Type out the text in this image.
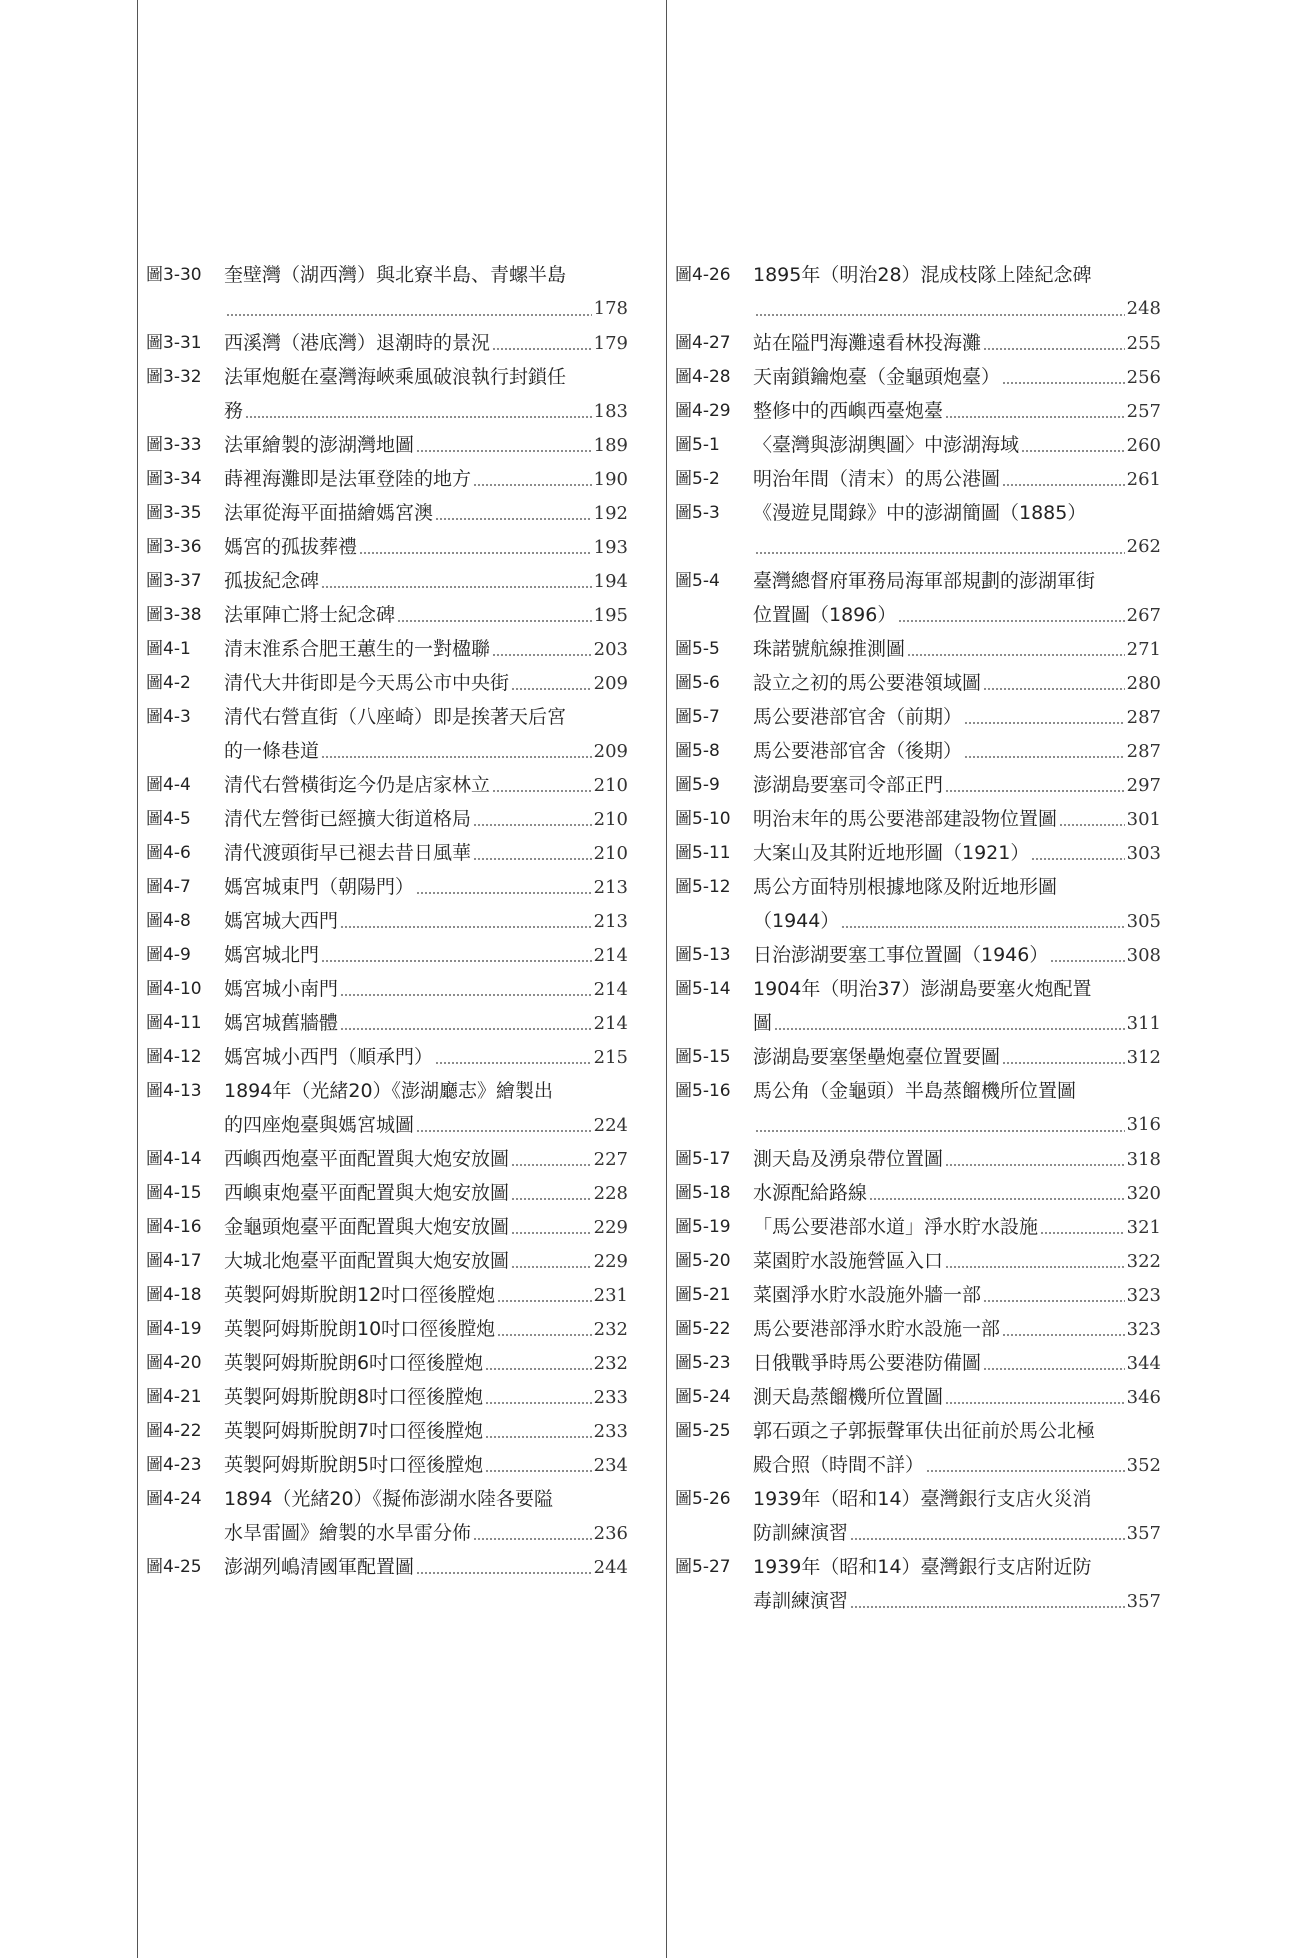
圖3-30	奎壁灣（湖西灣）與北寮半島、青螺半島
178
圖3-31	西溪灣（港底灣）退潮時的景況	179
圖3-32	法軍炮艇在臺灣海峽乘風破浪執行封鎖任
務	183
圖3-33	法軍繪製的澎湖灣地圖	189
圖3-34	蒔裡海灘即是法軍登陸的地方	190
圖3-35	法軍從海平面描繪媽宮澳	192
圖3-36	媽宮的孤拔葬禮	193
圖3-37	孤拔紀念碑	194
圖3-38	法軍陣亡將士紀念碑	195
圖4-1	清末淮系合肥王蕙生的一對楹聯	203
圖4-2	清代大井街即是今天馬公市中央街	209
圖4-3	清代右營直街（八座崎）即是挨著天后宮
的一條巷道	209
圖4-4	清代右營橫街迄今仍是店家林立	210
圖4-5	清代左營街已經擴大街道格局	210
圖4-6	清代渡頭街早已褪去昔日風華	210
圖4-7	媽宮城東門（朝陽門）	213
圖4-8	媽宮城大西門	213
圖4-9	媽宮城北門	214
圖4-10	媽宮城小南門	214
圖4-11	媽宮城舊牆體	214
圖4-12	媽宮城小西門（順承門）	215
圖4-13	1894年（光緒20）《澎湖廳志》繪製出
的四座炮臺與媽宮城圖	224
圖4-14	西嶼西炮臺平面配置與大炮安放圖	227
圖4-15	西嶼東炮臺平面配置與大炮安放圖	228
圖4-16	金龜頭炮臺平面配置與大炮安放圖	229
圖4-17	大城北炮臺平面配置與大炮安放圖	229
圖4-18	英製阿姆斯脫朗12吋口徑後膛炮	231
圖4-19	英製阿姆斯脫朗10吋口徑後膛炮	232
圖4-20	英製阿姆斯脫朗6吋口徑後膛炮	232
圖4-21	英製阿姆斯脫朗8吋口徑後膛炮	233
圖4-22	英製阿姆斯脫朗7吋口徑後膛炮	233
圖4-23	英製阿姆斯脫朗5吋口徑後膛炮	234
圖4-24	1894（光緒20）《擬佈澎湖水陸各要隘
水旱雷圖》繪製的水旱雷分佈	236
圖4-25	澎湖列嶋清國軍配置圖	244
圖4-26	1895年（明治28）混成枝隊上陸紀念碑
248
圖4-27	站在隘門海灘遠看林投海灘	255
圖4-28	天南鎖鑰炮臺（金龜頭炮臺）	256
圖4-29	整修中的西嶼西臺炮臺	257
圖5-1	〈臺灣與澎湖輿圖〉中澎湖海域	260
圖5-2	明治年間（清末）的馬公港圖	261
圖5-3	《漫遊見聞錄》中的澎湖簡圖（1885）
262
圖5-4	臺灣總督府軍務局海軍部規劃的澎湖軍街
位置圖（1896）	267
圖5-5	珠諾號航線推測圖	271
圖5-6	設立之初的馬公要港領域圖	280
圖5-7	馬公要港部官舍（前期）	287
圖5-8	馬公要港部官舍（後期）	287
圖5-9	澎湖島要塞司令部正門	297
圖5-10	明治末年的馬公要港部建設物位置圖	301
圖5-11	大案山及其附近地形圖（1921）	303
圖5-12	馬公方面特別根據地隊及附近地形圖
（1944）	305
圖5-13	日治澎湖要塞工事位置圖（1946）	308
圖5-14	1904年（明治37）澎湖島要塞火炮配置
圖	311
圖5-15	澎湖島要塞堡壘炮臺位置要圖	312
圖5-16	馬公角（金龜頭）半島蒸餾機所位置圖
316
圖5-17	測天島及湧泉帶位置圖	318
圖5-18	水源配給路線	320
圖5-19	「馬公要港部水道」淨水貯水設施	321
圖5-20	菜園貯水設施營區入口	322
圖5-21	菜園淨水貯水設施外牆一部	323
圖5-22	馬公要港部淨水貯水設施一部	323
圖5-23	日俄戰爭時馬公要港防備圖	344
圖5-24	測天島蒸餾機所位置圖	346
圖5-25	郭石頭之子郭振聲軍伕出征前於馬公北極
殿合照（時間不詳）	352
圖5-26	1939年（昭和14）臺灣銀行支店火災消
防訓練演習	357
圖5-27	1939年（昭和14）臺灣銀行支店附近防
毒訓練演習	357
